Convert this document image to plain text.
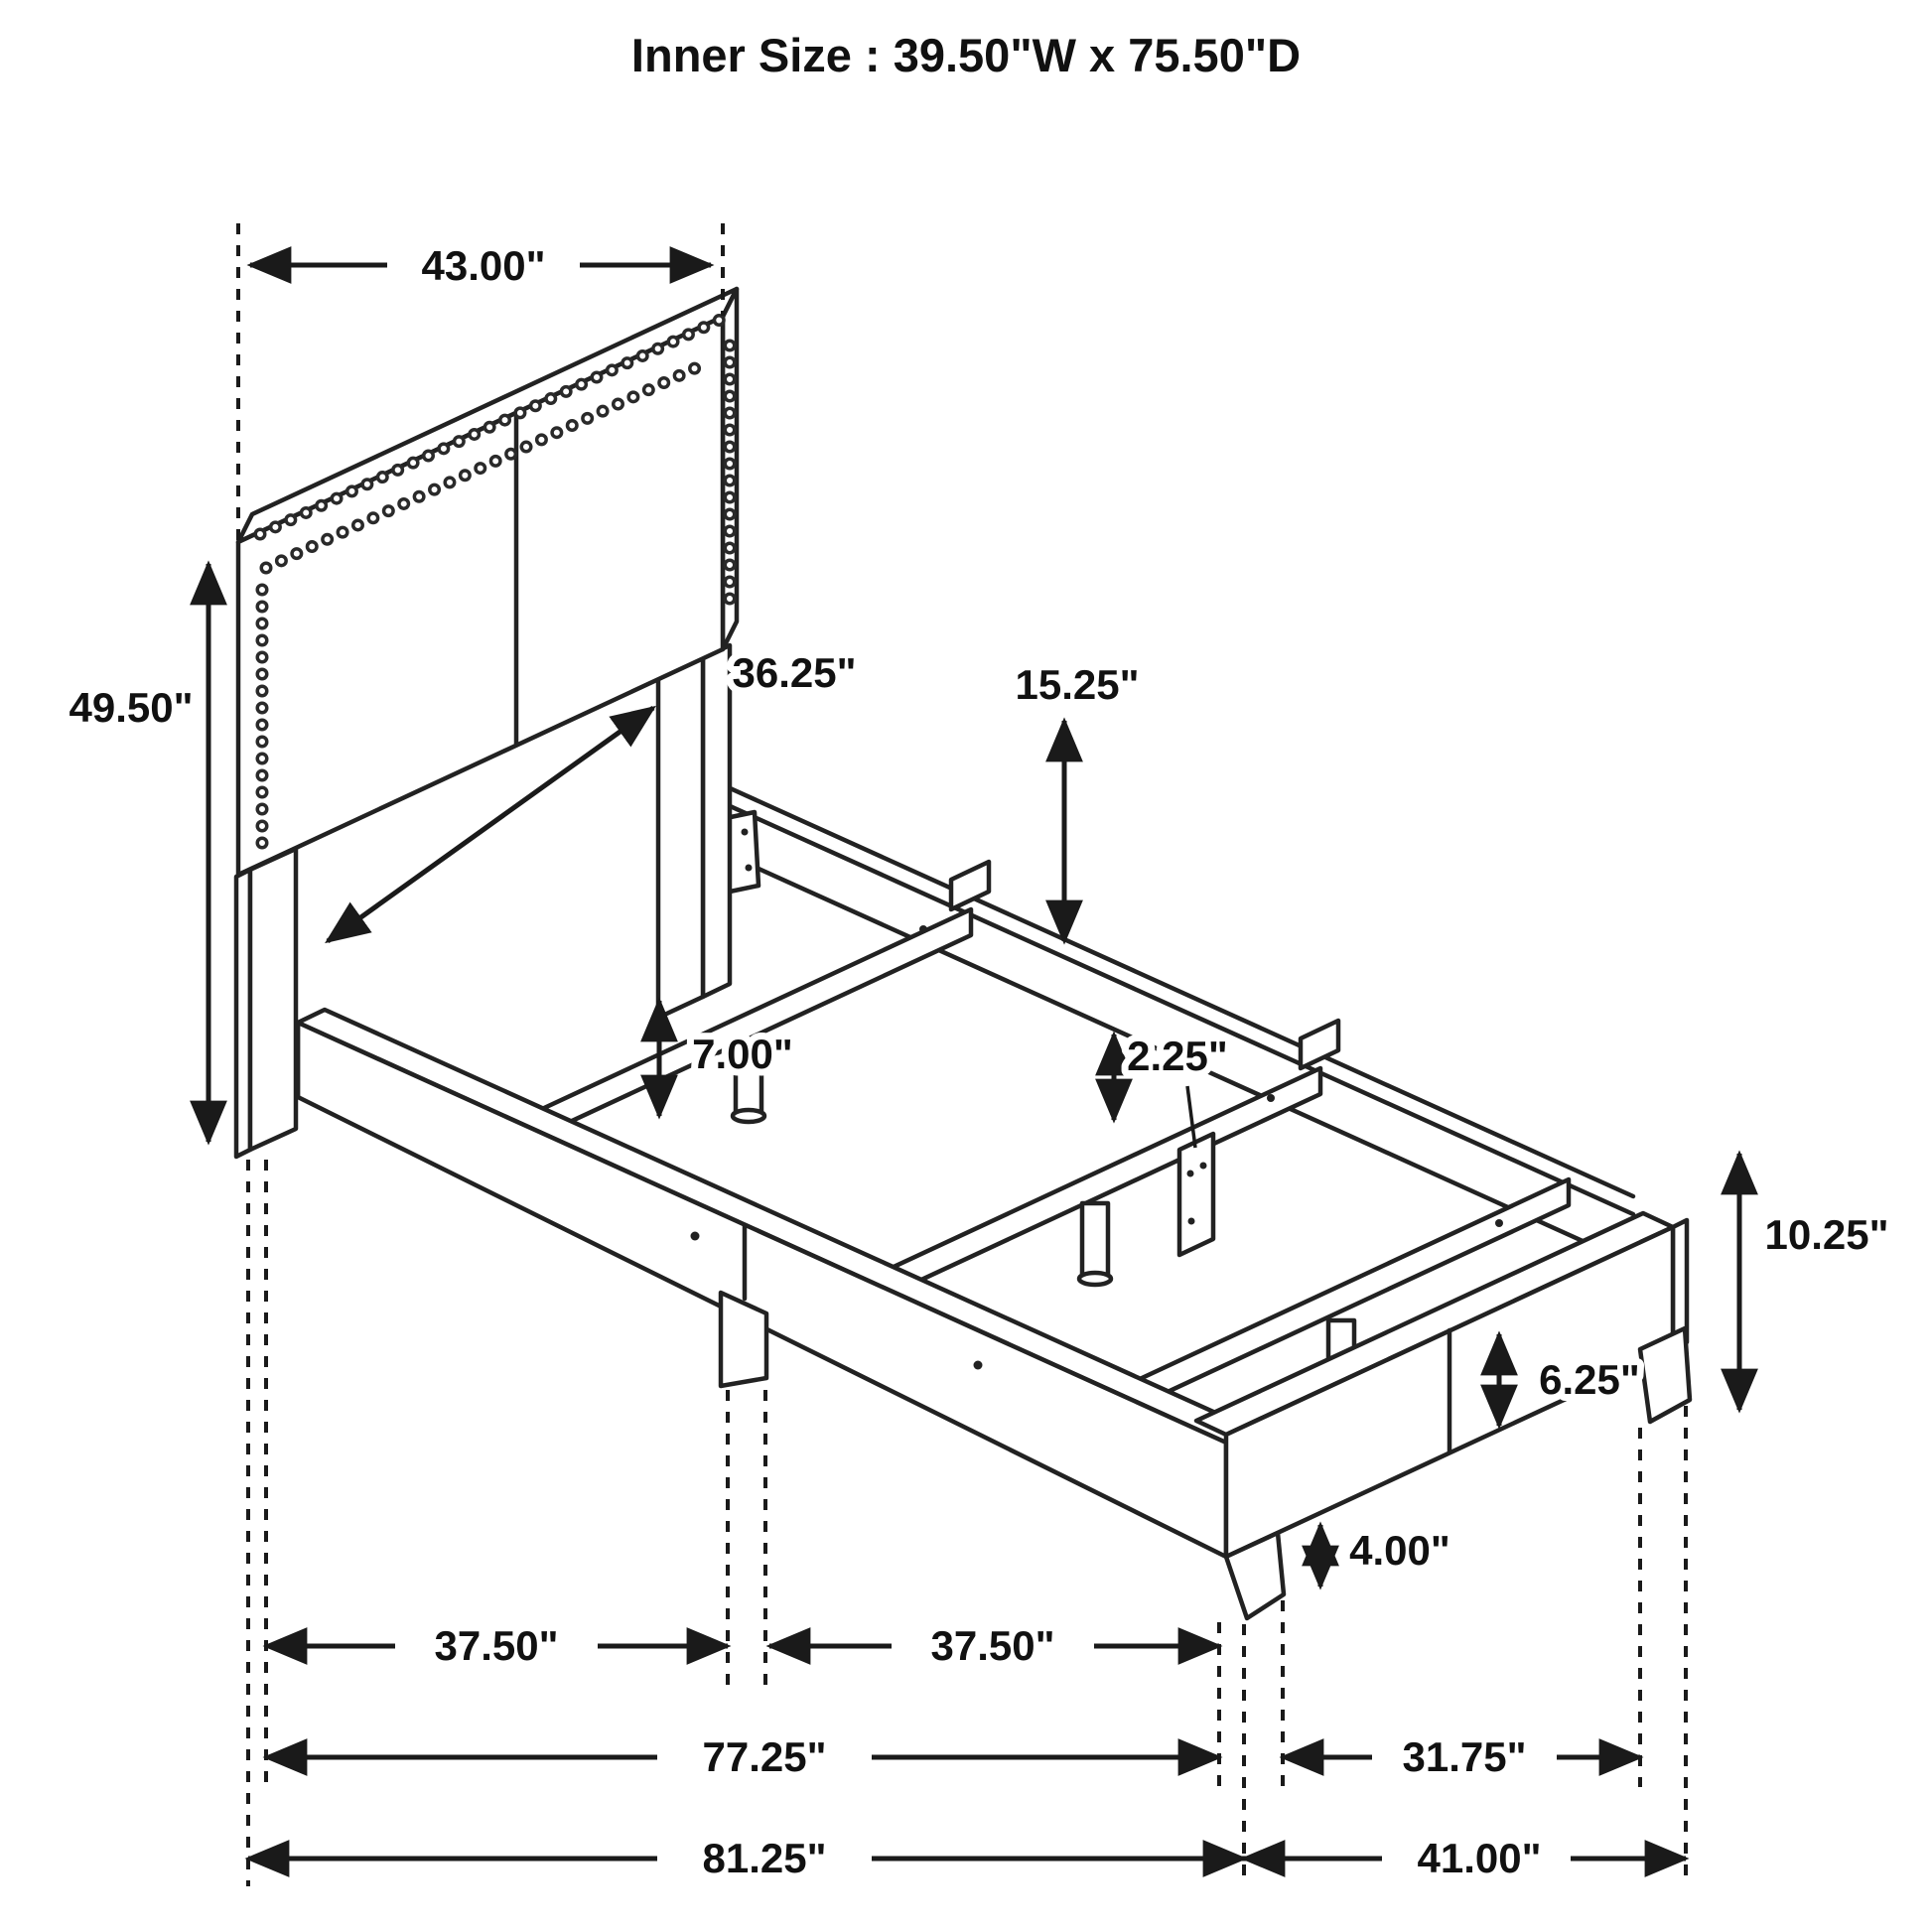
Inner Size : 39.50"W x 75.50"D
43.00"
49.50"
36.25"	15.25"
7.00"	2.25"
10.25"
6.25"
4.00"
37.50"	37.50"
77.25"	31.75"
81.25"	41.00"
